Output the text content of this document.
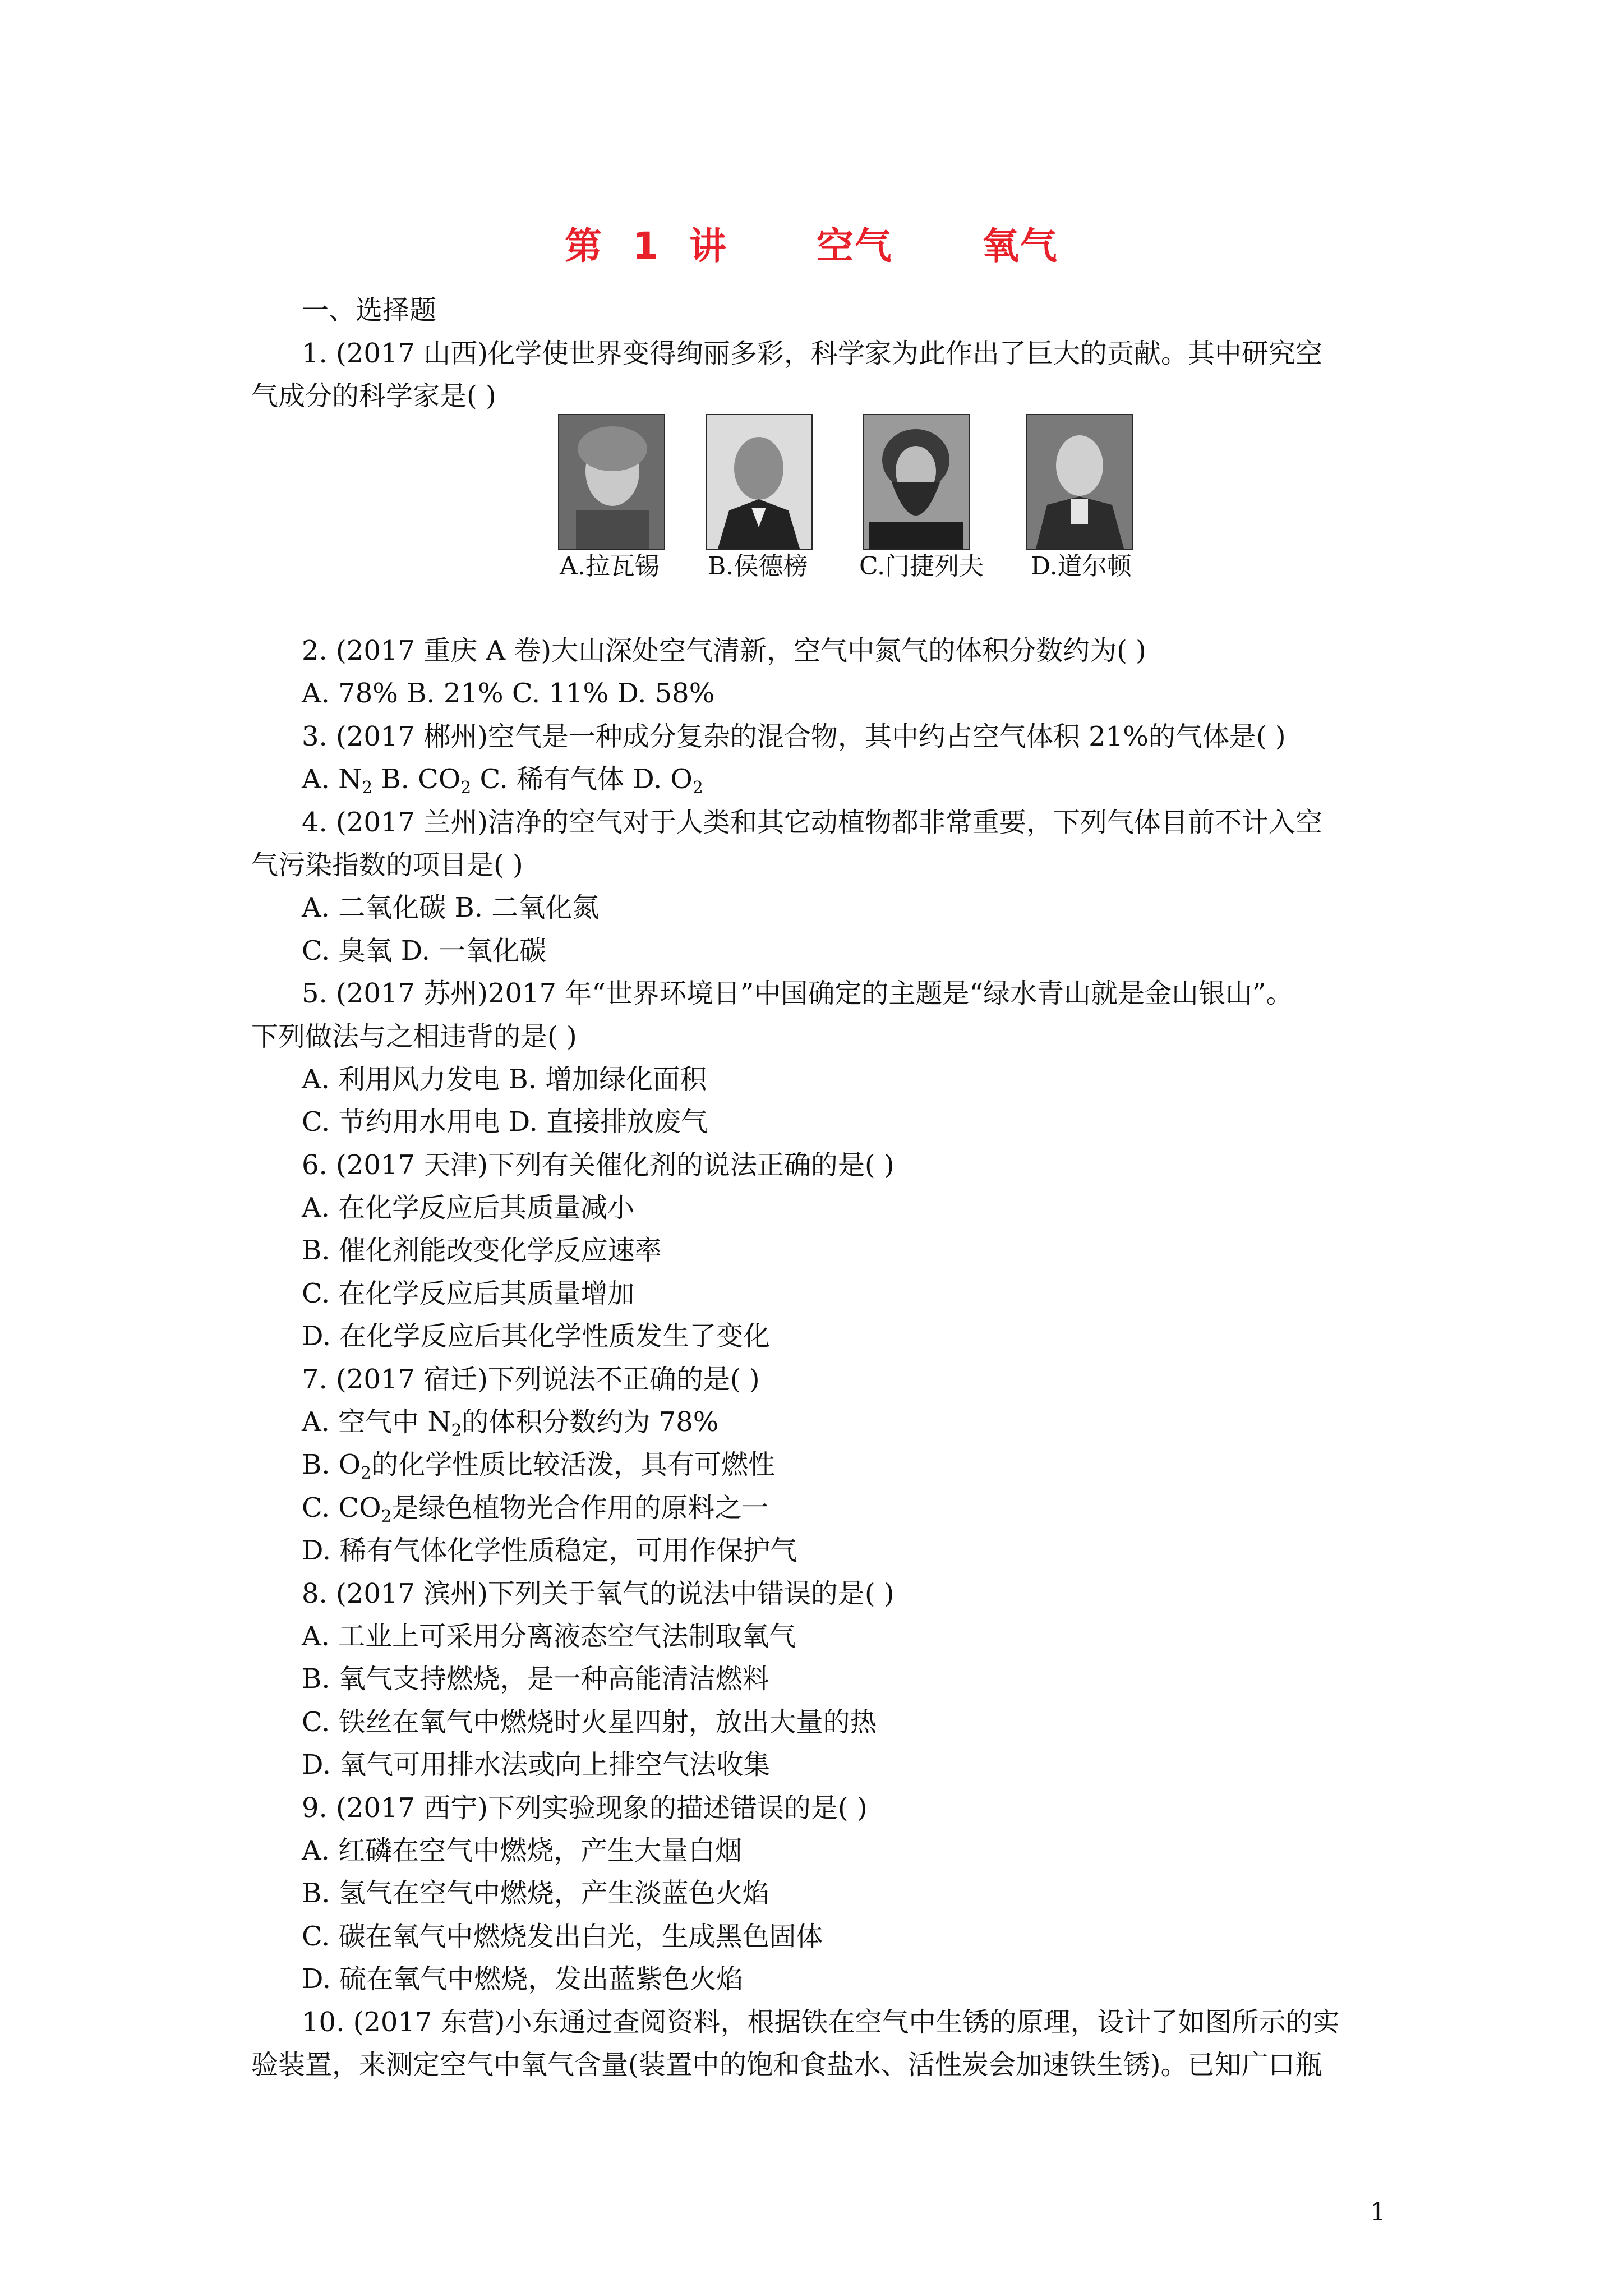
第 1 讲   空气   氧气
一、选择题
1. (2017 山西)化学使世界变得绚丽多彩，科学家为此作出了巨大的贡献。其中研究空
气成分的科学家是( )
A.拉瓦锡 B.侯德榜 C.门捷列夫 D.道尔顿
2. (2017 重庆 A 卷)大山深处空气清新，空气中氮气的体积分数约为( )
A. 78% B. 21% C. 11% D. 58%
3. (2017 郴州)空气是一种成分复杂的混合物，其中约占空气体积 21%的气体是( )
A. $N_2$ B. $CO_2$ C. 稀有气体 D. $O_2$
4. (2017 兰州)洁净的空气对于人类和其它动植物都非常重要，下列气体目前不计入空
气污染指数的项目是( )
A. 二氧化碳 B. 二氧化氮
C. 臭氧 D. 一氧化碳
5. (2017 苏州)2017 年“世界环境日”中国确定的主题是“绿水青山就是金山银山”。
下列做法与之相违背的是( )
A. 利用风力发电 B. 增加绿化面积
C. 节约用水用电 D. 直接排放废气
6. (2017 天津)下列有关催化剂的说法正确的是( )
A. 在化学反应后其质量减小
B. 催化剂能改变化学反应速率
C. 在化学反应后其质量增加
D. 在化学反应后其化学性质发生了变化
7. (2017 宿迁)下列说法不正确的是( )
A. 空气中 $N_2$的体积分数约为 78%
B. $O_2$的化学性质比较活泼，具有可燃性
C. $CO_2$是绿色植物光合作用的原料之一
D. 稀有气体化学性质稳定，可用作保护气
8. (2017 滨州)下列关于氧气的说法中错误的是( )
A. 工业上可采用分离液态空气法制取氧气
B. 氧气支持燃烧，是一种高能清洁燃料
C. 铁丝在氧气中燃烧时火星四射，放出大量的热
D. 氧气可用排水法或向上排空气法收集
9. (2017 西宁)下列实验现象的描述错误的是( )
A. 红磷在空气中燃烧，产生大量白烟
B. 氢气在空气中燃烧，产生淡蓝色火焰
C. 碳在氧气中燃烧发出白光，生成黑色固体
D. 硫在氧气中燃烧，发出蓝紫色火焰
10. (2017 东营)小东通过查阅资料，根据铁在空气中生锈的原理，设计了如图所示的实
验装置，来测定空气中氧气含量(装置中的饱和食盐水、活性炭会加速铁生锈)。已知广口瓶
1
